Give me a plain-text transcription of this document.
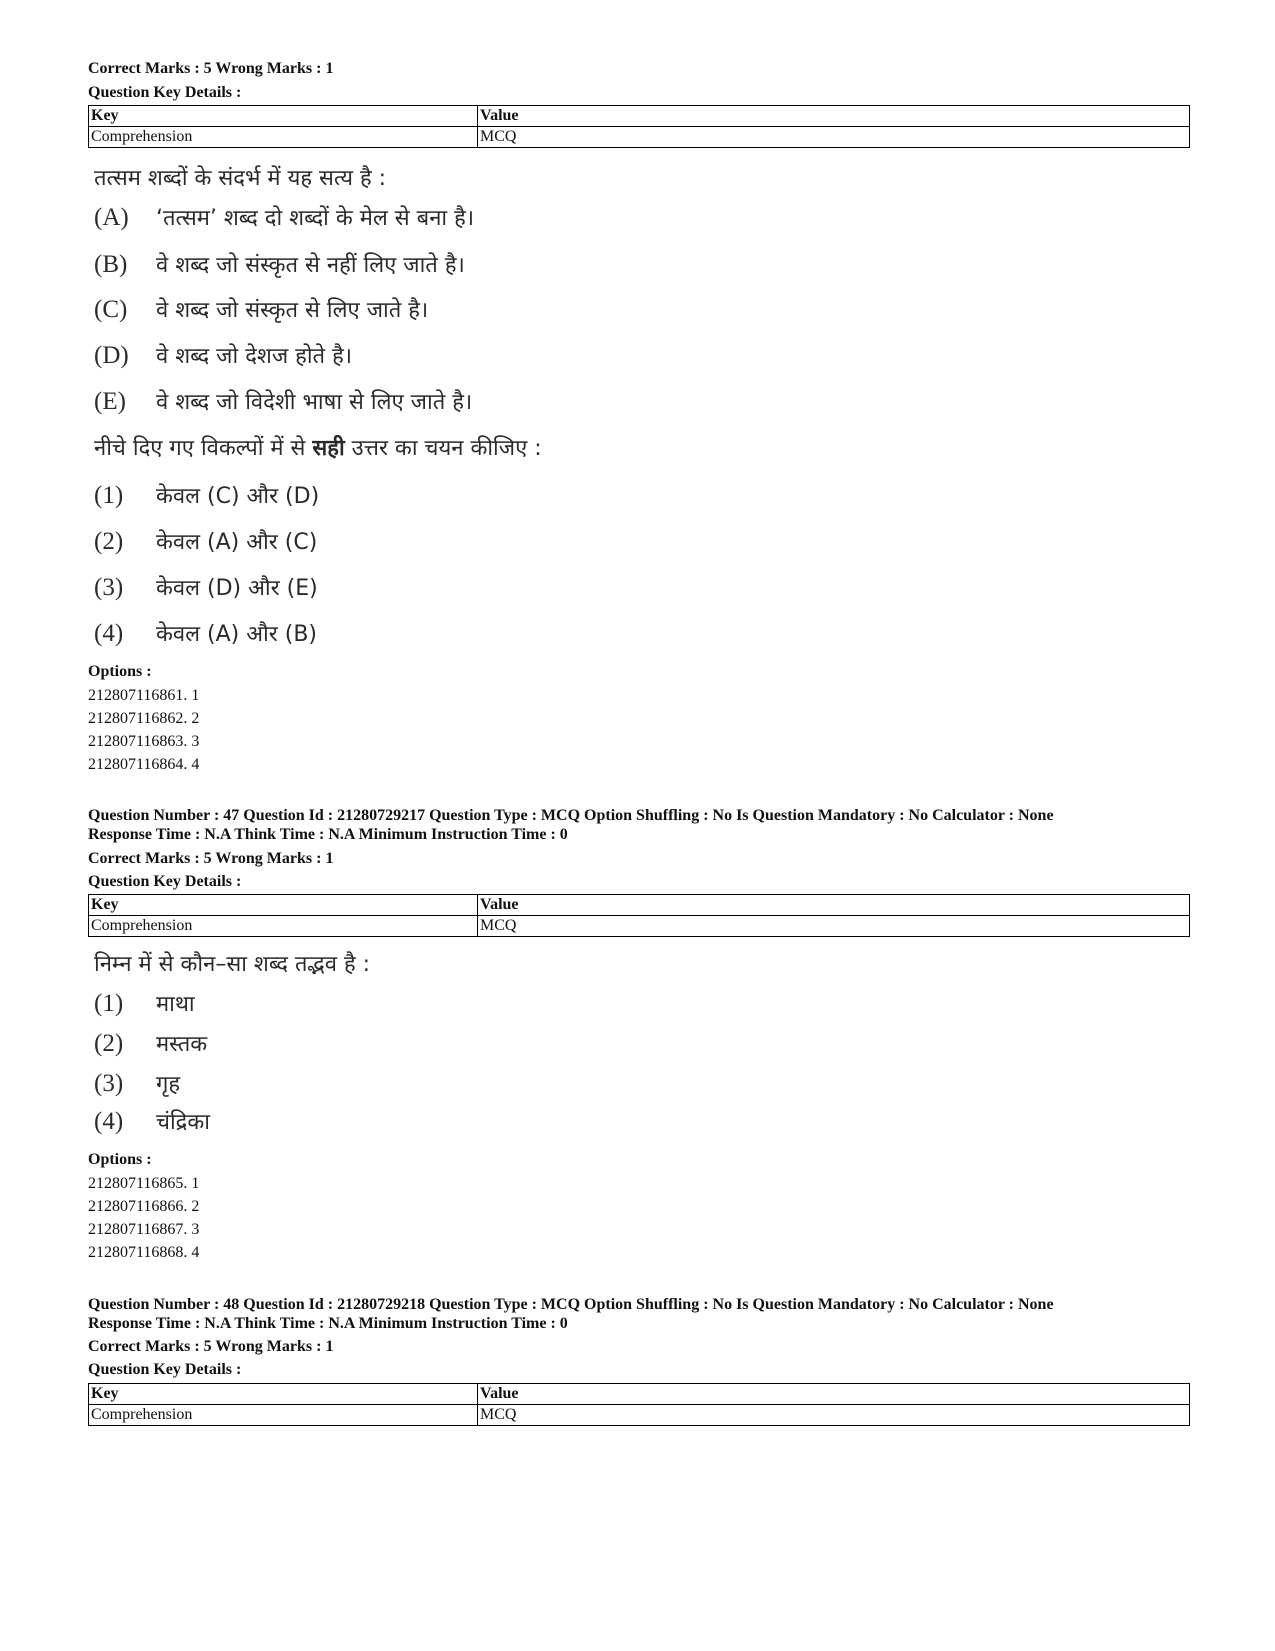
Correct Marks : 5 Wrong Marks : 1
Question Key Details :
Key	Value
Comprehension	MCQ
तत्सम शब्दों के संदर्भ में यह सत्य है :
(A) ‘तत्सम’ शब्द दो शब्दों के मेल से बना है।
(B) वे शब्द जो संस्कृत से नहीं लिए जाते है।
(C) वे शब्द जो संस्कृत से लिए जाते है।
(D) वे शब्द जो देशज होते है।
(E) वे शब्द जो विदेशी भाषा से लिए जाते है।
नीचे दिए गए विकल्पों में से सही उत्तर का चयन कीजिए :
(1) केवल (C) और (D)
(2) केवल (A) और (C)
(3) केवल (D) और (E)
(4) केवल (A) और (B)
Options :
212807116861. 1
212807116862. 2
212807116863. 3
212807116864. 4
Question Number : 47 Question Id : 21280729217 Question Type : MCQ Option Shuffling : No Is Question Mandatory : No Calculator : None
Response Time : N.A Think Time : N.A Minimum Instruction Time : 0
Correct Marks : 5 Wrong Marks : 1
Question Key Details :
Key	Value
Comprehension	MCQ
निम्न में से कौन–सा शब्द तद्भव है :
(1) माथा
(2) मस्तक
(3) गृह
(4) चंद्रिका
Options :
212807116865. 1
212807116866. 2
212807116867. 3
212807116868. 4
Question Number : 48 Question Id : 21280729218 Question Type : MCQ Option Shuffling : No Is Question Mandatory : No Calculator : None
Response Time : N.A Think Time : N.A Minimum Instruction Time : 0
Correct Marks : 5 Wrong Marks : 1
Question Key Details :
Key	Value
Comprehension	MCQ
